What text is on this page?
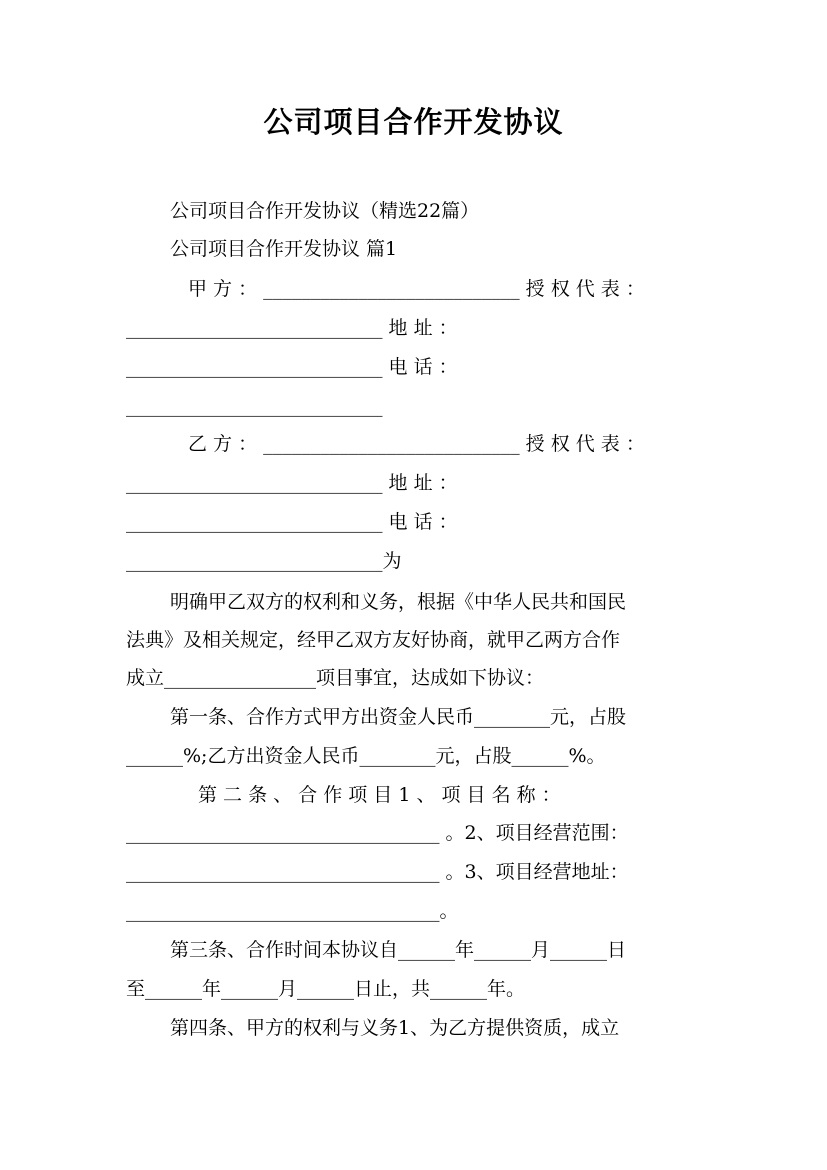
公司项目合作开发协议
公司项目合作开发协议（精选22篇）
公司项目合作开发协议 篇1
甲 方 ： ___________________________ 授 权 代 表 ：
___________________________ 地 址 ：
___________________________ 电 话 ：
___________________________
乙 方 ： ___________________________ 授 权 代 表 ：
___________________________ 地 址 ：
___________________________ 电 话 ：
___________________________为
明确甲乙双方的权利和义务，根据《中华人民共和国民
法典》及相关规定，经甲乙双方友好协商，就甲乙两方合作
成立________________项目事宜，达成如下协议：
第一条、合作方式甲方出资金人民币________元，占股
______%;乙方出资金人民币________元，占股______%。
第 二 条 、 合 作 项 目 1 、 项 目 名 称 ：
_________________________________ 。2、项目经营范围：
_________________________________ 。3、项目经营地址：
_________________________________。
第三条、合作时间本协议自______年______月______日
至______年______月______日止，共______年。
第四条、甲方的权利与义务1、为乙方提供资质，成立
